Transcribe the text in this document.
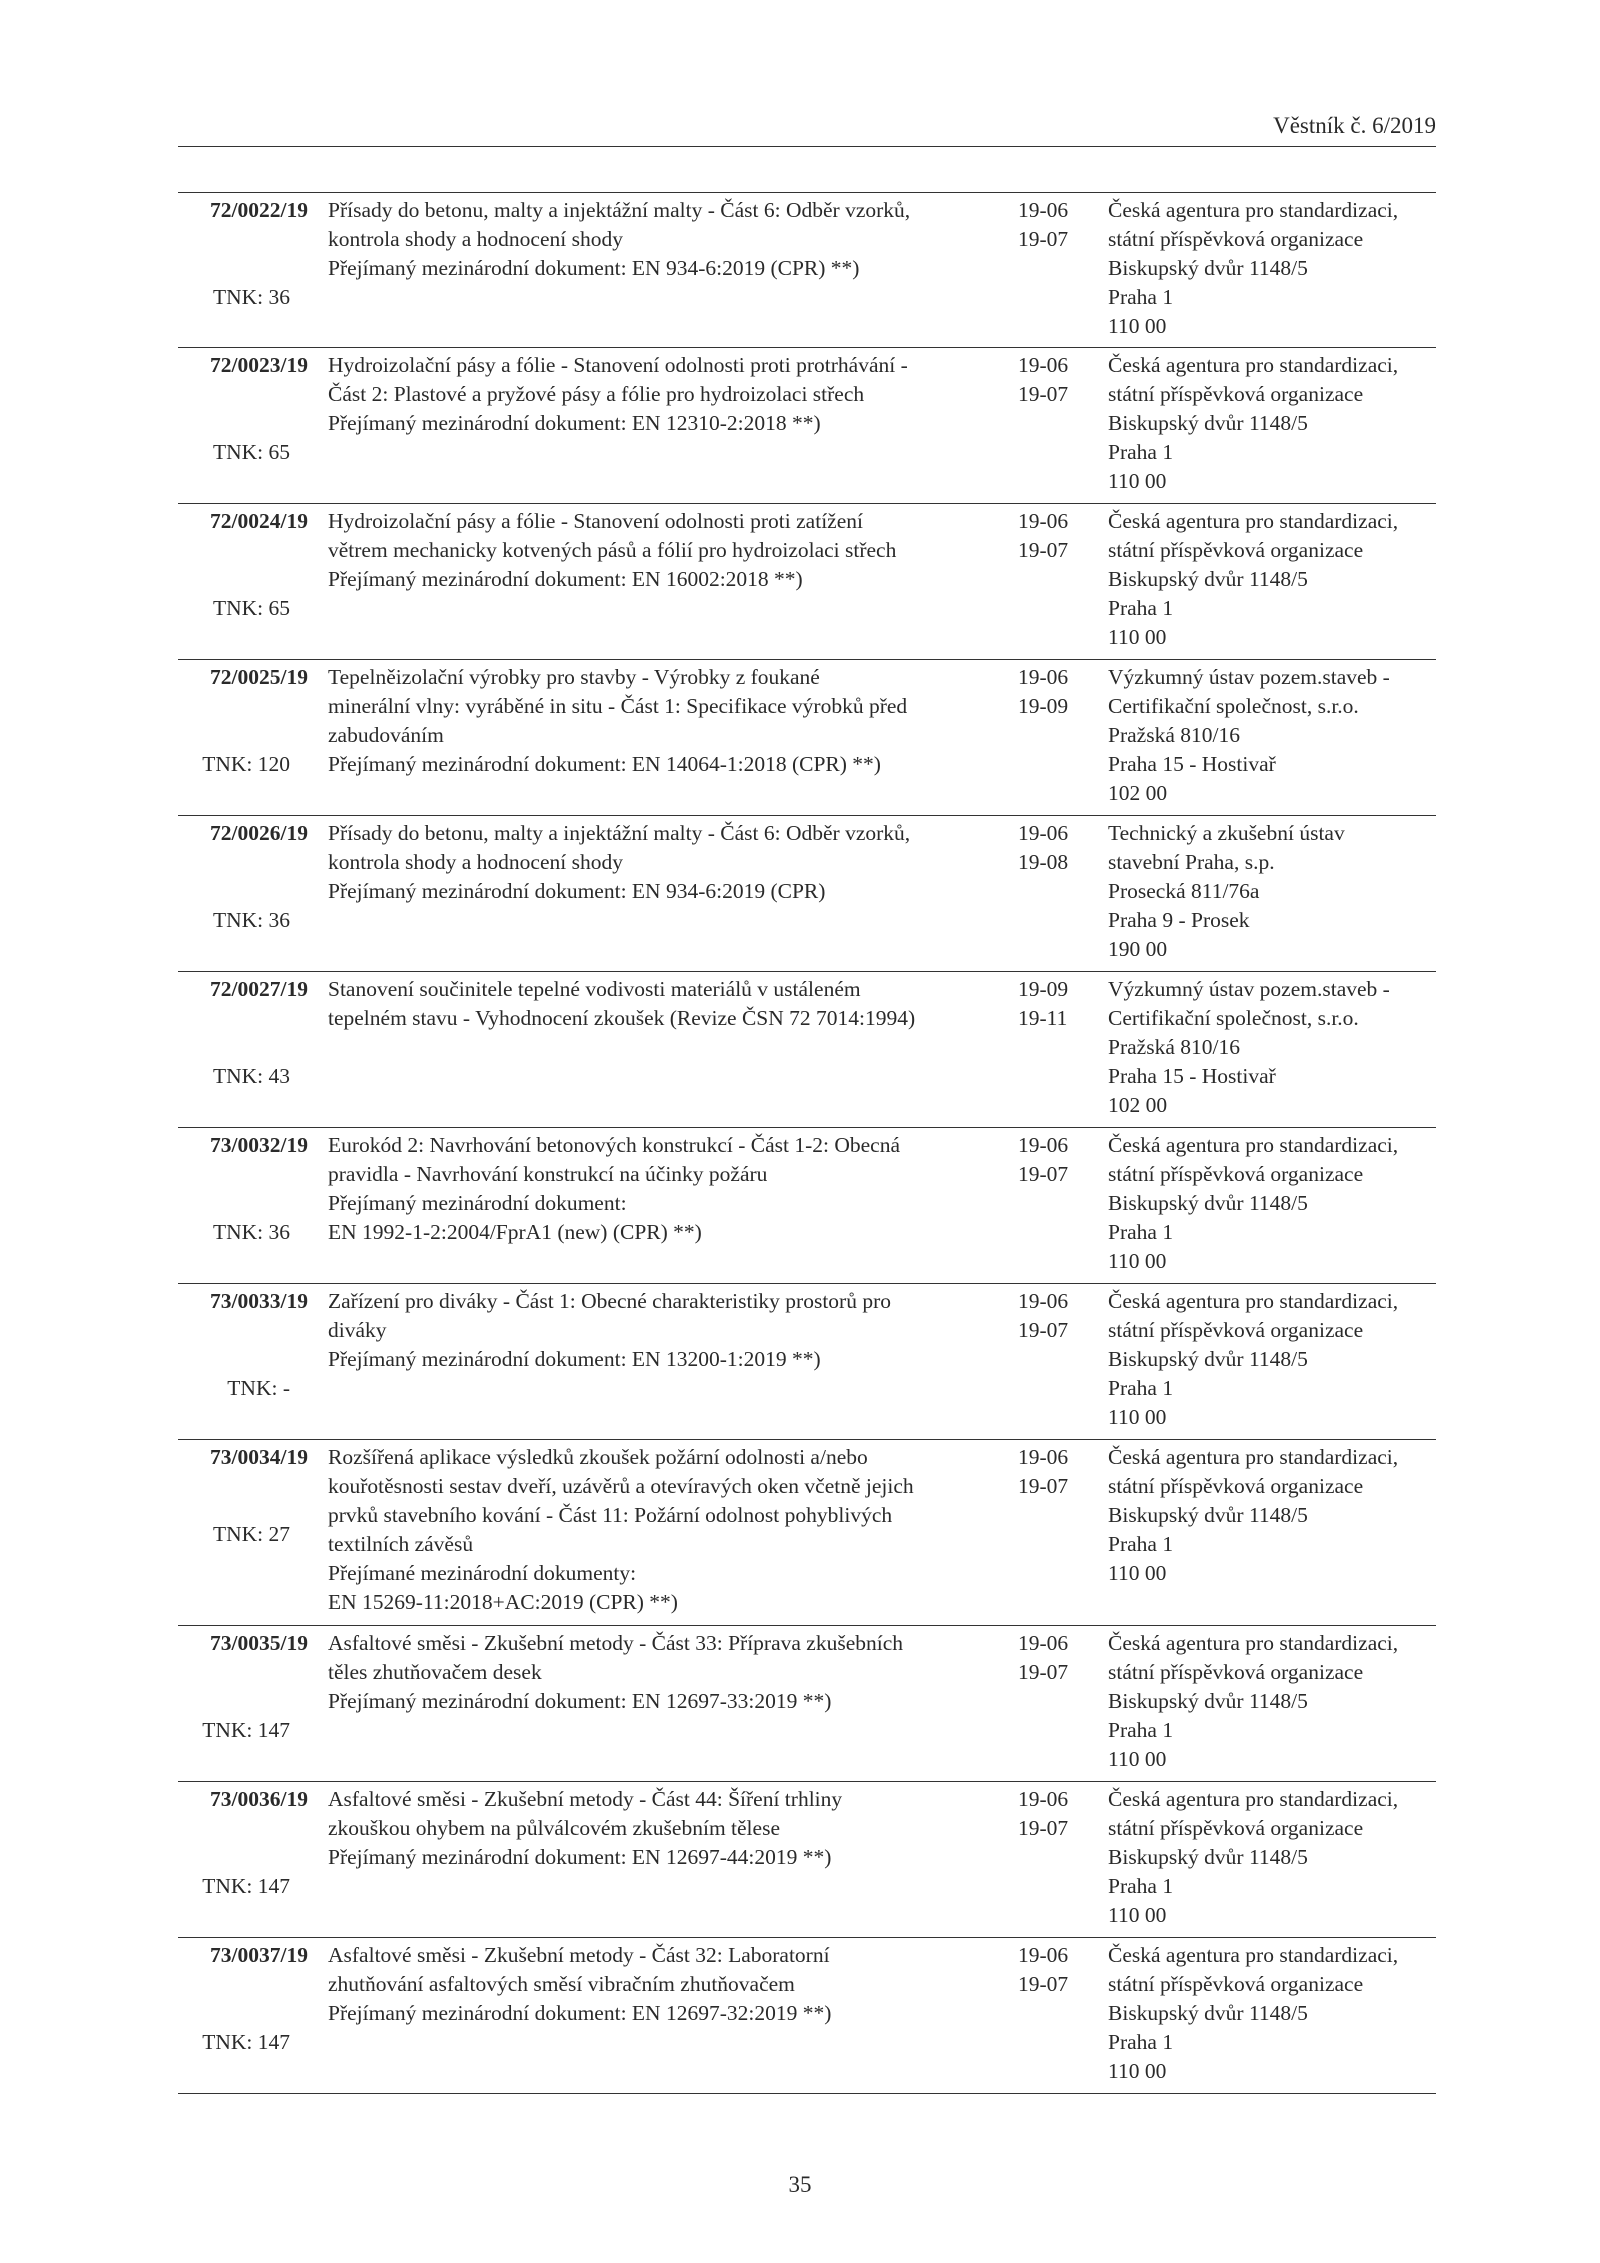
Věstník č. 6/2019
72/0022/19
TNK: 36
Přísady do betonu, malty a injektážní malty - Část 6: Odběr vzorků,
kontrola shody a hodnocení shody
Přejímaný mezinárodní dokument: EN 934-6:2019 (CPR) **)
19-06
19-07
Česká agentura pro standardizaci,
státní příspěvková organizace
Biskupský dvůr 1148/5
Praha 1
110 00
72/0023/19
TNK: 65
Hydroizolační pásy a fólie - Stanovení odolnosti proti protrhávání -
Část 2: Plastové a pryžové pásy a fólie pro hydroizolaci střech
Přejímaný mezinárodní dokument: EN 12310-2:2018 **)
19-06
19-07
Česká agentura pro standardizaci,
státní příspěvková organizace
Biskupský dvůr 1148/5
Praha 1
110 00
72/0024/19
TNK: 65
Hydroizolační pásy a fólie - Stanovení odolnosti proti zatížení
větrem mechanicky kotvených pásů a fólií pro hydroizolaci střech
Přejímaný mezinárodní dokument: EN 16002:2018 **)
19-06
19-07
Česká agentura pro standardizaci,
státní příspěvková organizace
Biskupský dvůr 1148/5
Praha 1
110 00
72/0025/19
TNK: 120
Tepelněizolační výrobky pro stavby - Výrobky z foukané
minerální vlny: vyráběné in situ - Část 1: Specifikace výrobků před
zabudováním
Přejímaný mezinárodní dokument: EN 14064-1:2018 (CPR) **)
19-06
19-09
Výzkumný ústav pozem.staveb -
Certifikační společnost, s.r.o.
Pražská 810/16
Praha 15 - Hostivař
102 00
72/0026/19
TNK: 36
Přísady do betonu, malty a injektážní malty - Část 6: Odběr vzorků,
kontrola shody a hodnocení shody
Přejímaný mezinárodní dokument: EN 934-6:2019 (CPR)
19-06
19-08
Technický a zkušební ústav
stavební Praha, s.p.
Prosecká 811/76a
Praha 9 - Prosek
190 00
72/0027/19
TNK: 43
Stanovení součinitele tepelné vodivosti materiálů v ustáleném
tepelném stavu - Vyhodnocení zkoušek (Revize ČSN 72 7014:1994)
19-09
19-11
Výzkumný ústav pozem.staveb -
Certifikační společnost, s.r.o.
Pražská 810/16
Praha 15 - Hostivař
102 00
73/0032/19
TNK: 36
Eurokód 2: Navrhování betonových konstrukcí - Část 1-2: Obecná
pravidla - Navrhování konstrukcí na účinky požáru
Přejímaný mezinárodní dokument:
EN 1992-1-2:2004/FprA1 (new) (CPR) **)
19-06
19-07
Česká agentura pro standardizaci,
státní příspěvková organizace
Biskupský dvůr 1148/5
Praha 1
110 00
73/0033/19
TNK: -
Zařízení pro diváky - Část 1: Obecné charakteristiky prostorů pro
diváky
Přejímaný mezinárodní dokument: EN 13200-1:2019 **)
19-06
19-07
Česká agentura pro standardizaci,
státní příspěvková organizace
Biskupský dvůr 1148/5
Praha 1
110 00
73/0034/19
TNK: 27
Rozšířená aplikace výsledků zkoušek požární odolnosti a/nebo
kouřotěsnosti sestav dveří, uzávěrů a otevíravých oken včetně jejich
prvků stavebního kování - Část 11: Požární odolnost pohyblivých
textilních závěsů
Přejímané mezinárodní dokumenty:
EN 15269-11:2018+AC:2019 (CPR) **)
19-06
19-07
Česká agentura pro standardizaci,
státní příspěvková organizace
Biskupský dvůr 1148/5
Praha 1
110 00
73/0035/19
TNK: 147
Asfaltové směsi - Zkušební metody - Část 33: Příprava zkušebních
těles zhutňovačem desek
Přejímaný mezinárodní dokument: EN 12697-33:2019 **)
19-06
19-07
Česká agentura pro standardizaci,
státní příspěvková organizace
Biskupský dvůr 1148/5
Praha 1
110 00
73/0036/19
TNK: 147
Asfaltové směsi - Zkušební metody - Část 44: Šíření trhliny
zkouškou ohybem na půlválcovém zkušebním tělese
Přejímaný mezinárodní dokument: EN 12697-44:2019 **)
19-06
19-07
Česká agentura pro standardizaci,
státní příspěvková organizace
Biskupský dvůr 1148/5
Praha 1
110 00
73/0037/19
TNK: 147
Asfaltové směsi - Zkušební metody - Část 32: Laboratorní
zhutňování asfaltových směsí vibračním zhutňovačem
Přejímaný mezinárodní dokument: EN 12697-32:2019 **)
19-06
19-07
Česká agentura pro standardizaci,
státní příspěvková organizace
Biskupský dvůr 1148/5
Praha 1
110 00
35
